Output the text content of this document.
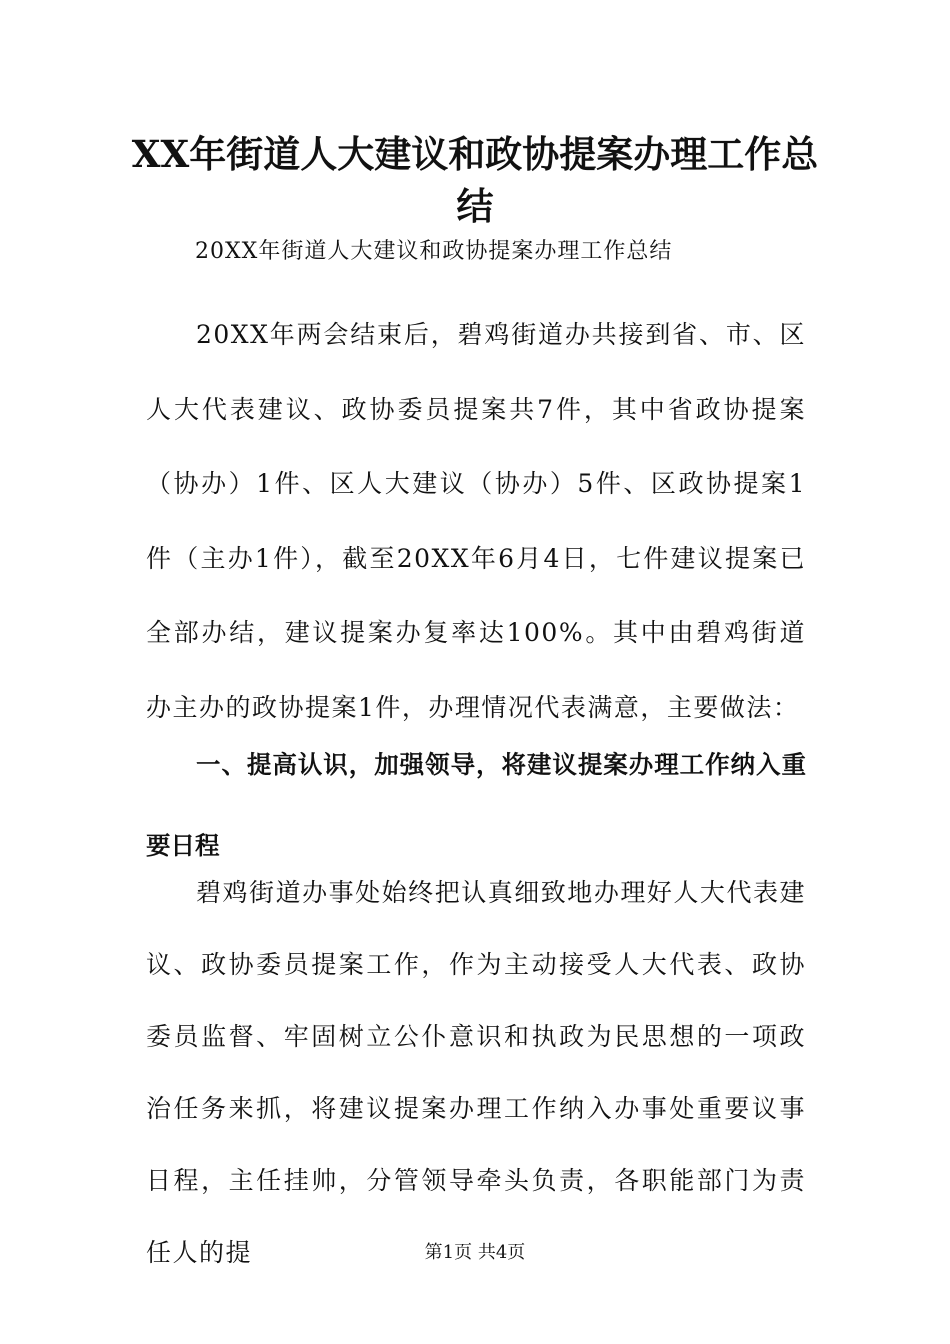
XX年街道人大建议和政协提案办理工作总结

20XX年街道人大建议和政协提案办理工作总结

20XX年两会结束后，碧鸡街道办共接到省、市、区人大代表建议、政协委员提案共7件，其中省政协提案（协办）1件、区人大建议（协办）5件、区政协提案1件（主办1件），截至20XX年6月4日，七件建议提案已全部办结，建议提案办复率达100%。其中由碧鸡街道办主办的政协提案1件，办理情况代表满意，主要做法：

一、提高认识，加强领导，将建议提案办理工作纳入重要日程

碧鸡街道办事处始终把认真细致地办理好人大代表建议、政协委员提案工作，作为主动接受人大代表、政协委员监督、牢固树立公仆意识和执政为民思想的一项政治任务来抓，将建议提案办理工作纳入办事处重要议事日程，主任挂帅，分管领导牵头负责，各职能部门为责任人的提	第1页 共4页
